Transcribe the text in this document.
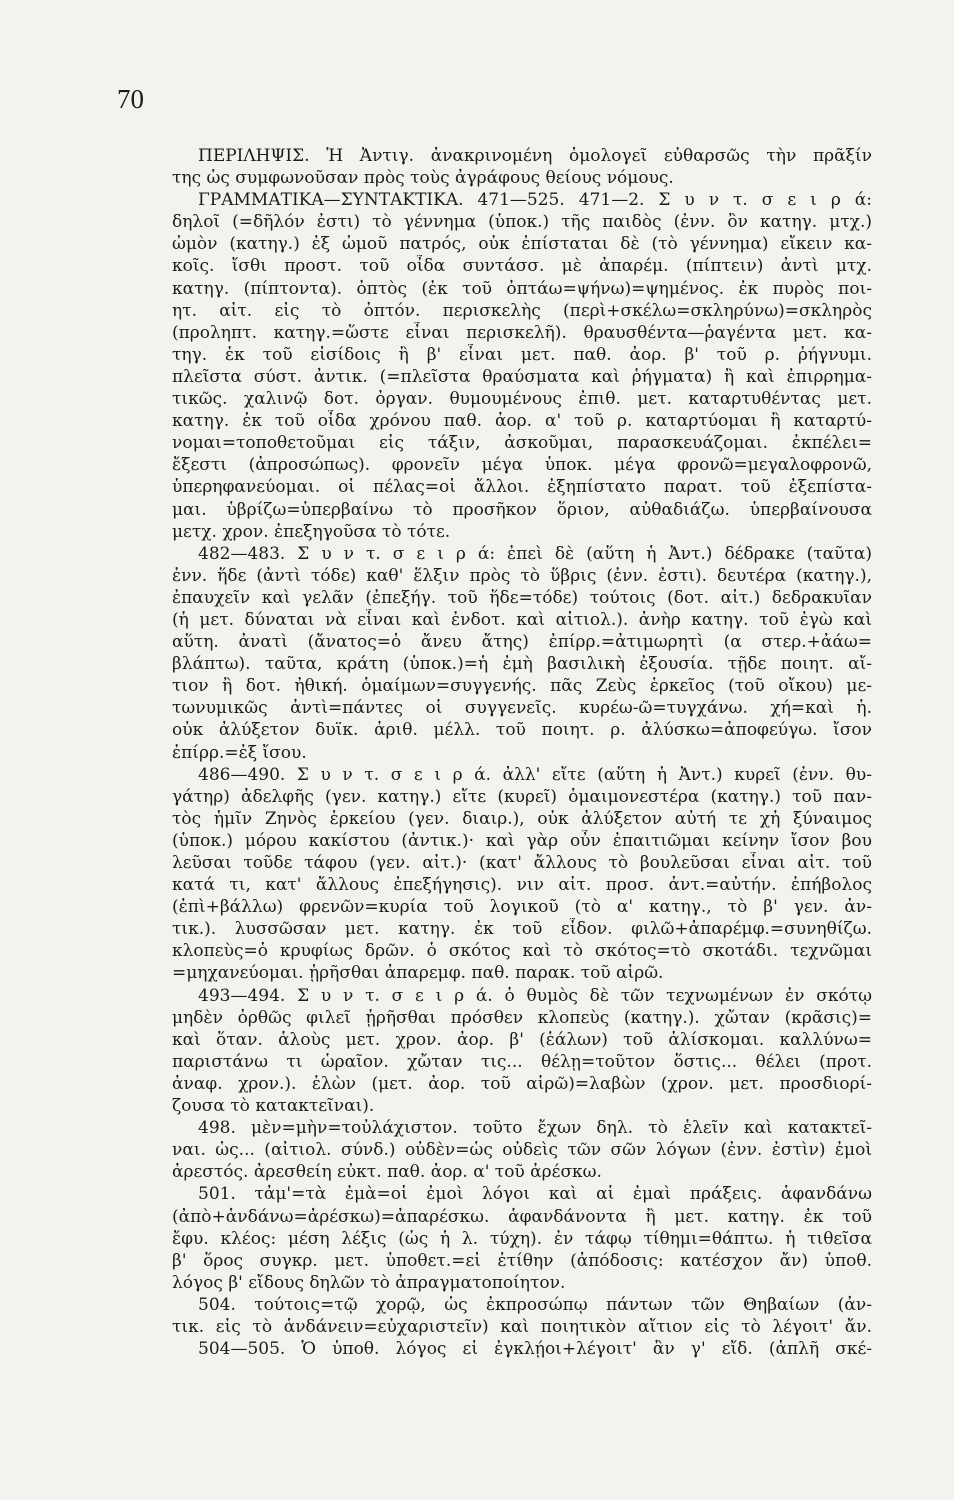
70
ΠΕΡΙΛΗΨΙΣ. Ἡ Ἀντιγ. ἀνακρινομένη ὁμολογεῖ εὐθαρσῶς τὴν πρᾶξίν
της ὡς συμφωνοῦσαν πρὸς τοὺς ἀγράφους θείους νόμους.
ΓΡΑΜΜΑΤΙΚΑ—ΣΥΝΤΑΚΤΙΚΑ. 471—525. 471—2. Σ υ ν τ. σ ε ι ρ ά:
δηλοῖ (=δῆλόν ἐστι) τὸ γέννημα (ὑποκ.) τῆς παιδὸς (ἐνν. ὂν κατηγ. μτχ.)
ὠμὸν (κατηγ.) ἐξ ὠμοῦ πατρός, οὐκ ἐπίσταται δὲ (τὸ γέννημα) εἴκειν κα-
κοῖς. ἴσθι προστ. τοῦ οἶδα συντάσσ. μὲ ἀπαρέμ. (πίπτειν) ἀντὶ μτχ.
κατηγ. (πίπτοντα). ὀπτὸς (ἐκ τοῦ ὀπτάω=ψήνω)=ψημένος. ἐκ πυρὸς ποι-
ητ. αἰτ. εἰς τὸ ὀπτόν. περισκελὴς (περὶ+σκέλω=σκληρύνω)=σκληρὸς
(προληπτ. κατηγ.=ὥστε εἶναι περισκελῆ). θραυσθέντα—ῥαγέντα μετ. κα-
τηγ. ἐκ τοῦ εἰσίδοις ἢ β' εἶναι μετ. παθ. ἀορ. β' τοῦ ρ. ῥήγνυμι.
πλεῖστα σύστ. ἀντικ. (=πλεῖστα θραύσματα καὶ ῥήγματα) ἢ καὶ ἐπιρρημα-
τικῶς. χαλινῷ δοτ. ὀργαν. θυμουμένους ἐπιθ. μετ. καταρτυθέντας μετ.
κατηγ. ἐκ τοῦ οἶδα χρόνου παθ. ἀορ. α' τοῦ ρ. καταρτύομαι ἢ καταρτύ-
νομαι=τοποθετοῦμαι εἰς τάξιν, ἀσκοῦμαι, παρασκευάζομαι. ἐκπέλει=
ἔξεστι (ἀπροσώπως). φρονεῖν μέγα ὑποκ. μέγα φρονῶ=μεγαλοφρονῶ,
ὑπερηφανεύομαι. οἱ πέλας=οἱ ἄλλοι. ἐξηπίστατο παρατ. τοῦ ἐξεπίστα-
μαι. ὑβρίζω=ὑπερβαίνω τὸ προσῆκον ὅριον, αὐθαδιάζω. ὑπερβαίνουσα
μετχ. χρον. ἐπεξηγοῦσα τὸ τότε.
482—483. Σ υ ν τ. σ ε ι ρ ά: ἐπεὶ δὲ (αὕτη ἡ Ἀντ.) δέδρακε (ταῦτα)
ἐνν. ἥδε (ἀντὶ τόδε) καθ' ἕλξιν πρὸς τὸ ὕβρις (ἐνν. ἐστι). δευτέρα (κατηγ.),
ἐπαυχεῖν καὶ γελᾶν (ἐπεξήγ. τοῦ ἥδε=τόδε) τούτοις (δοτ. αἰτ.) δεδρακυῖαν
(ἡ μετ. δύναται νὰ εἶναι καὶ ἐνδοτ. καὶ αἰτιολ.). ἀνὴρ κατηγ. τοῦ ἐγὼ καὶ
αὕτη. ἀνατὶ (ἄνατος=ὁ ἄνευ ἄτης) ἐπίρρ.=ἀτιμωρητὶ (α στερ.+ἀάω=
βλάπτω). ταῦτα, κράτη (ὑποκ.)=ἡ ἐμὴ βασιλικὴ ἐξουσία. τῇδε ποιητ. αἴ-
τιον ἢ δοτ. ἠθική. ὁμαίμων=συγγενής. πᾶς Ζεὺς ἑρκεῖος (τοῦ οἴκου) με-
τωνυμικῶς ἀντὶ=πάντες οἱ συγγενεῖς. κυρέω-ῶ=τυγχάνω. χή=καὶ ἡ.
οὐκ ἀλύξετον δυϊκ. ἀριθ. μέλλ. τοῦ ποιητ. ρ. ἀλύσκω=ἀποφεύγω. ἴσον
ἐπίρρ.=ἐξ ἴσου.
486—490. Σ υ ν τ. σ ε ι ρ ά. ἀλλ' εἴτε (αὕτη ἡ Ἀντ.) κυρεῖ (ἐνν. θυ-
γάτηρ) ἀδελφῆς (γεν. κατηγ.) εἴτε (κυρεῖ) ὁμαιμονεστέρα (κατηγ.) τοῦ παν-
τὸς ἡμῖν Ζηνὸς ἑρκείου (γεν. διαιρ.), οὐκ ἀλύξετον αὐτή τε χἠ ξύναιμος
(ὑποκ.) μόρου κακίστου (ἀντικ.)· καὶ γὰρ οὖν ἐπαιτιῶμαι κείνην ἴσον βου
λεῦσαι τοῦδε τάφου (γεν. αἰτ.)· (κατ' ἄλλους τὸ βουλεῦσαι εἶναι αἰτ. τοῦ
κατά τι, κατ' ἄλλους ἐπεξήγησις). νιν αἰτ. προσ. ἀντ.=αὐτήν. ἐπήβολος
(ἐπὶ+βάλλω) φρενῶν=κυρία τοῦ λογικοῦ (τὸ α' κατηγ., τὸ β' γεν. ἀν-
τικ.). λυσσῶσαν μετ. κατηγ. ἐκ τοῦ εἶδον. φιλῶ+ἀπαρέμφ.=συνηθίζω.
κλοπεὺς=ὁ κρυφίως δρῶν. ὁ σκότος καὶ τὸ σκότος=τὸ σκοτάδι. τεχνῶμαι
=μηχανεύομαι. ᾑρῆσθαι ἀπαρεμφ. παθ. παρακ. τοῦ αἱρῶ.
493—494. Σ υ ν τ. σ ε ι ρ ά. ὁ θυμὸς δὲ τῶν τεχνωμένων ἐν σκότῳ
μηδὲν ὀρθῶς φιλεῖ ᾑρῆσθαι πρόσθεν κλοπεὺς (κατηγ.). χὤταν (κρᾶσις)=
καὶ ὅταν. ἁλοὺς μετ. χρον. ἀορ. β' (ἑάλων) τοῦ ἁλίσκομαι. καλλύνω=
παριστάνω τι ὡραῖον. χὤταν τις... θέλῃ=τοῦτον ὅστις... θέλει (προτ.
ἀναφ. χρον.). ἑλὼν (μετ. ἀορ. τοῦ αἱρῶ)=λαβὼν (χρον. μετ. προσδιορί-
ζουσα τὸ κατακτεῖναι).
498. μὲν=μὴν=τοὐλάχιστον. τοῦτο ἔχων δηλ. τὸ ἑλεῖν καὶ κατακτεῖ-
ναι. ὡς... (αἰτιολ. σύνδ.) οὐδὲν=ὡς οὐδεὶς τῶν σῶν λόγων (ἐνν. ἐστὶν) ἐμοὶ
ἀρεστός. ἀρεσθείη εὐκτ. παθ. ἀορ. α' τοῦ ἀρέσκω.
501. τἀμ'=τὰ ἐμὰ=οἱ ἐμοὶ λόγοι καὶ αἱ ἐμαὶ πράξεις. ἁφανδάνω
(ἀπὸ+ἁνδάνω=ἀρέσκω)=ἀπαρέσκω. ἁφανδάνοντα ἢ μετ. κατηγ. ἐκ τοῦ
ἔφυ. κλέος: μέση λέξις (ὡς ἡ λ. τύχη). ἐν τάφῳ τίθημι=θάπτω. ἡ τιθεῖσα
β' ὅρος συγκρ. μετ. ὑποθετ.=εἰ ἐτίθην (ἀπόδοσις: κατέσχον ἄν) ὑποθ.
λόγος β' εἴδους δηλῶν τὸ ἀπραγματοποίητον.
504. τούτοις=τῷ χορῷ, ὡς ἐκπροσώπῳ πάντων τῶν Θηβαίων (ἀν-
τικ. εἰς τὸ ἁνδάνειν=εὐχαριστεῖν) καὶ ποιητικὸν αἴτιον εἰς τὸ λέγοιτ' ἄν.
504—505. Ὁ ὑποθ. λόγος εἰ ἐγκλῄοι+λέγοιτ' ἂν γ' εἴδ. (ἁπλῆ σκέ-
